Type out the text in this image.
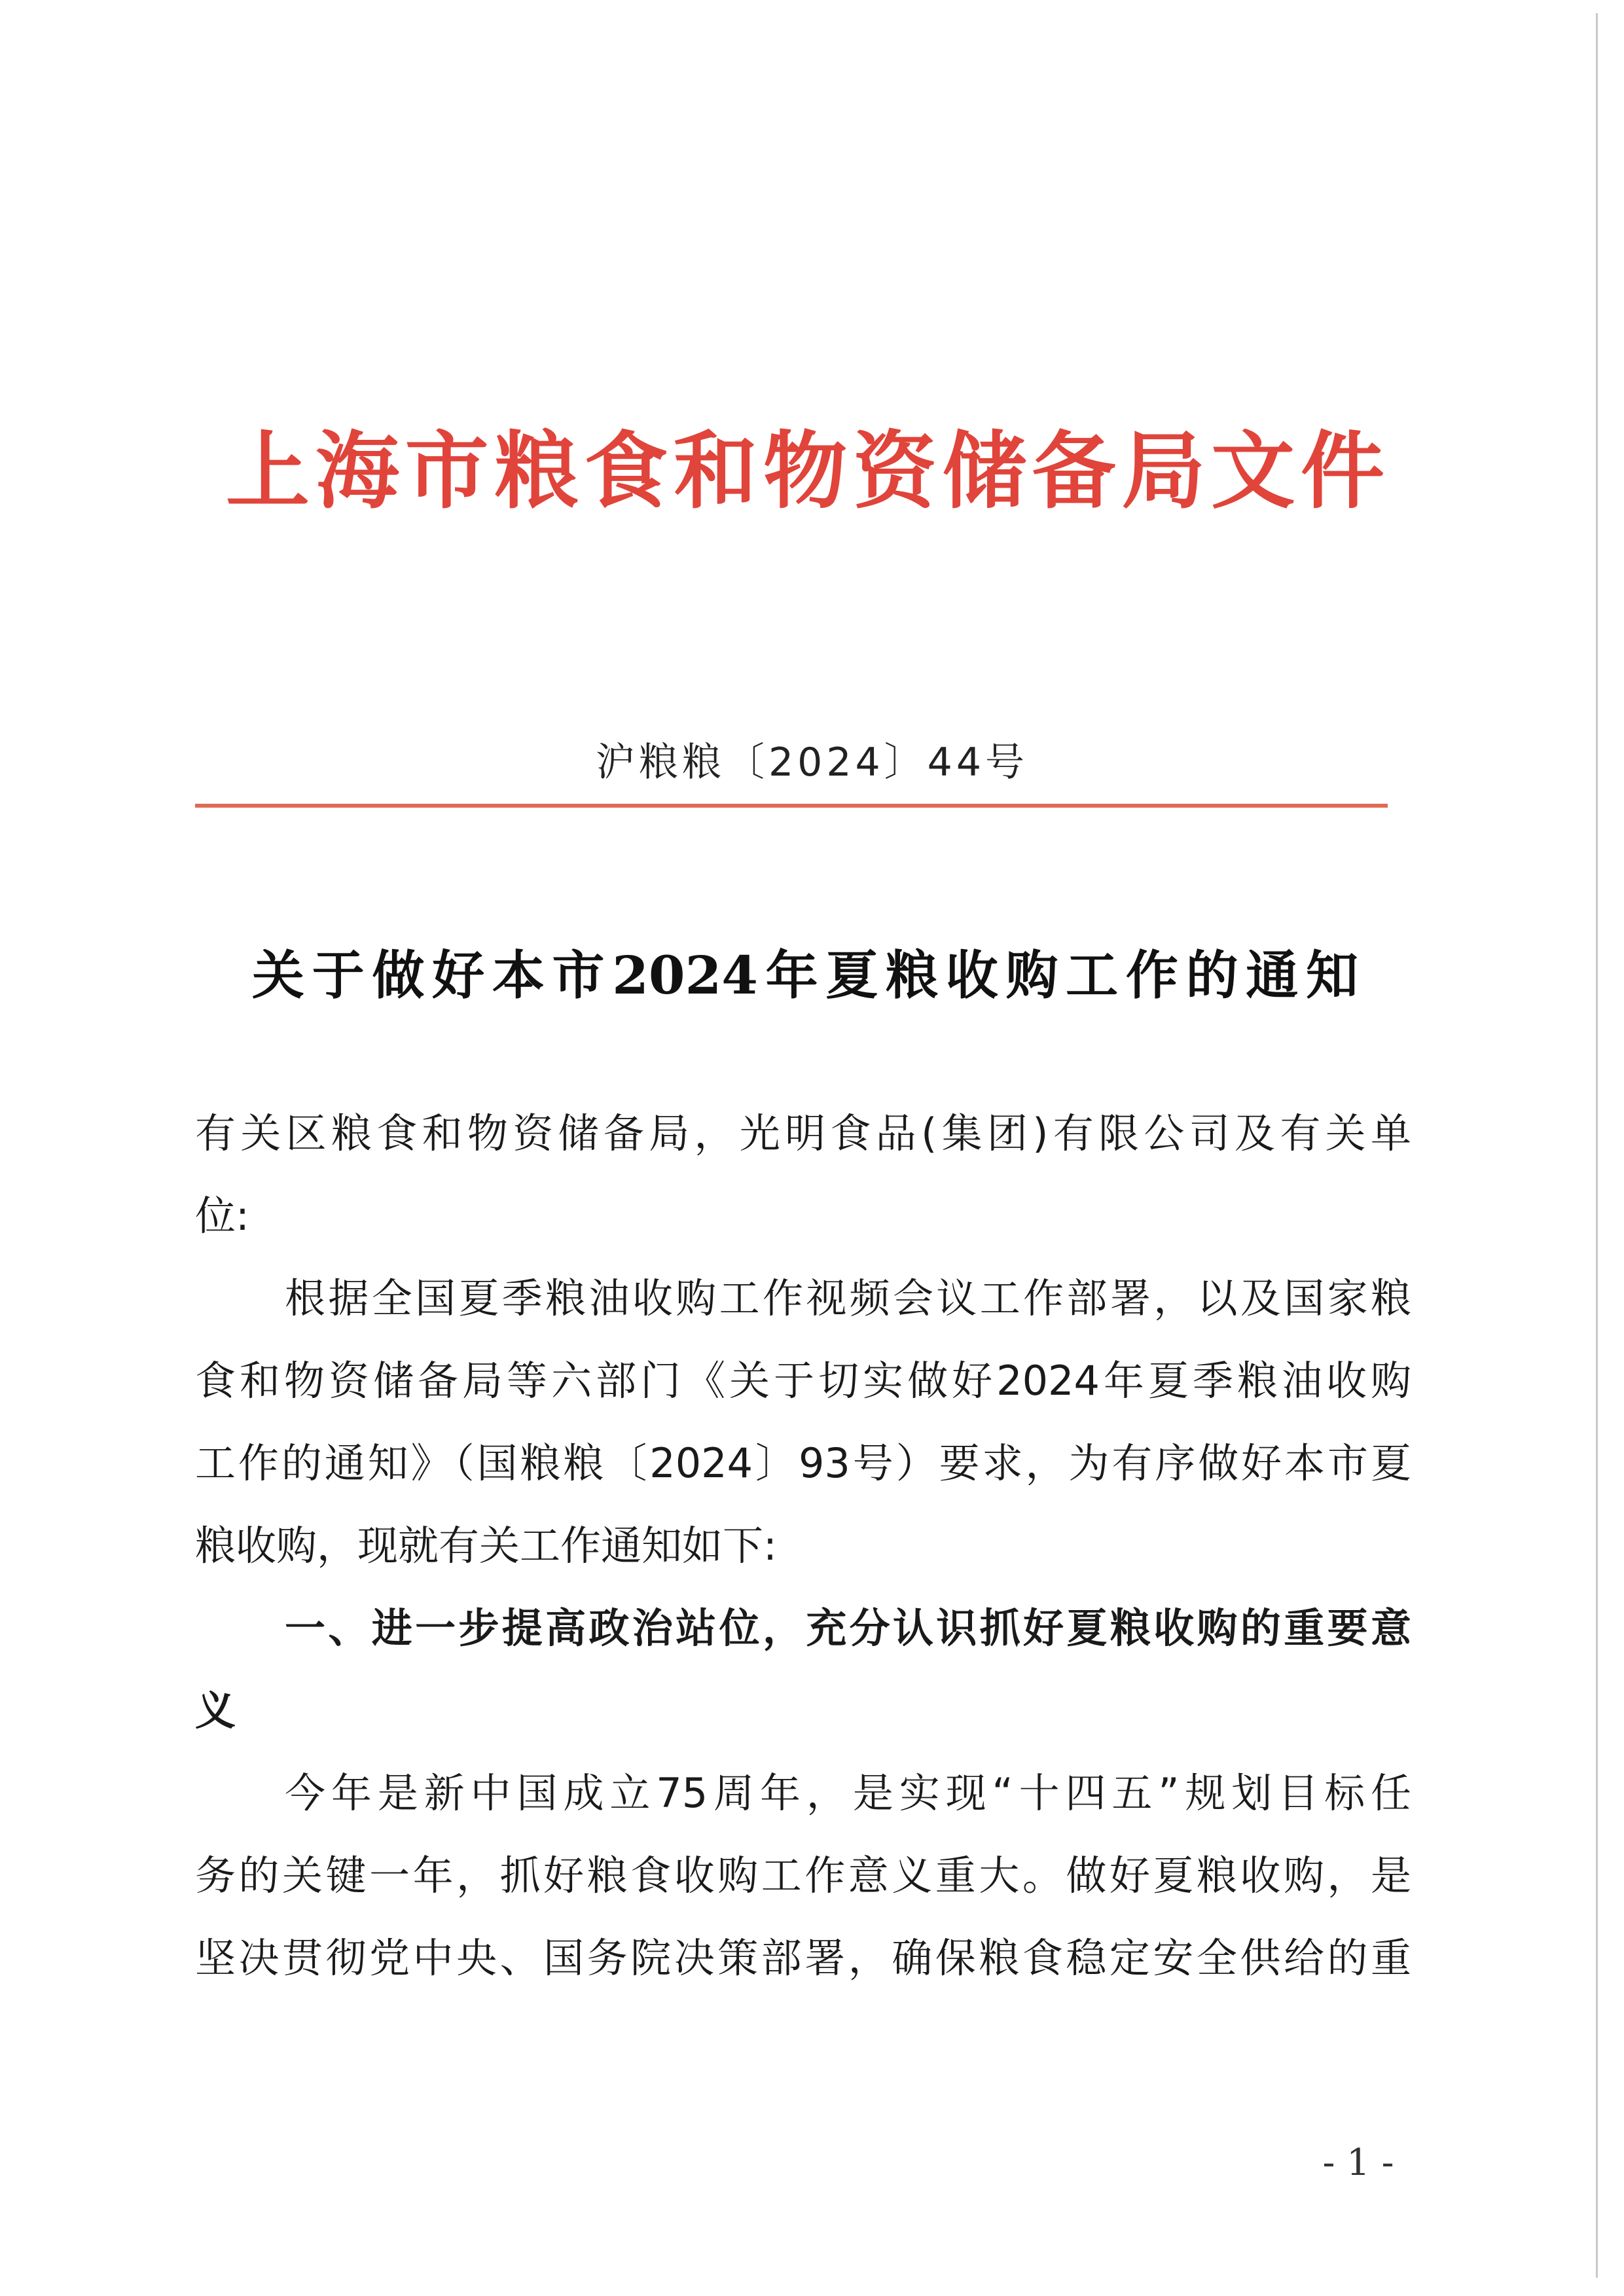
上海市粮食和物资储备局文件
沪粮粮〔2024〕44号
关于做好本市2024年夏粮收购工作的通知
有关区粮食和物资储备局，光明食品(集团)有限公司及有关单
位:
根据全国夏季粮油收购工作视频会议工作部署，以及国家粮
食和物资储备局等六部门《关于切实做好2024年夏季粮油收购
工作的通知》（国粮粮〔2024〕93号）要求，为有序做好本市夏
粮收购，现就有关工作通知如下:
一、进一步提高政治站位，充分认识抓好夏粮收购的重要意
义
今年是新中国成立75周年，是实现“十四五”规划目标任
务的关键一年，抓好粮食收购工作意义重大。做好夏粮收购，是
坚决贯彻党中央、国务院决策部署，确保粮食稳定安全供给的重
- 1 -
